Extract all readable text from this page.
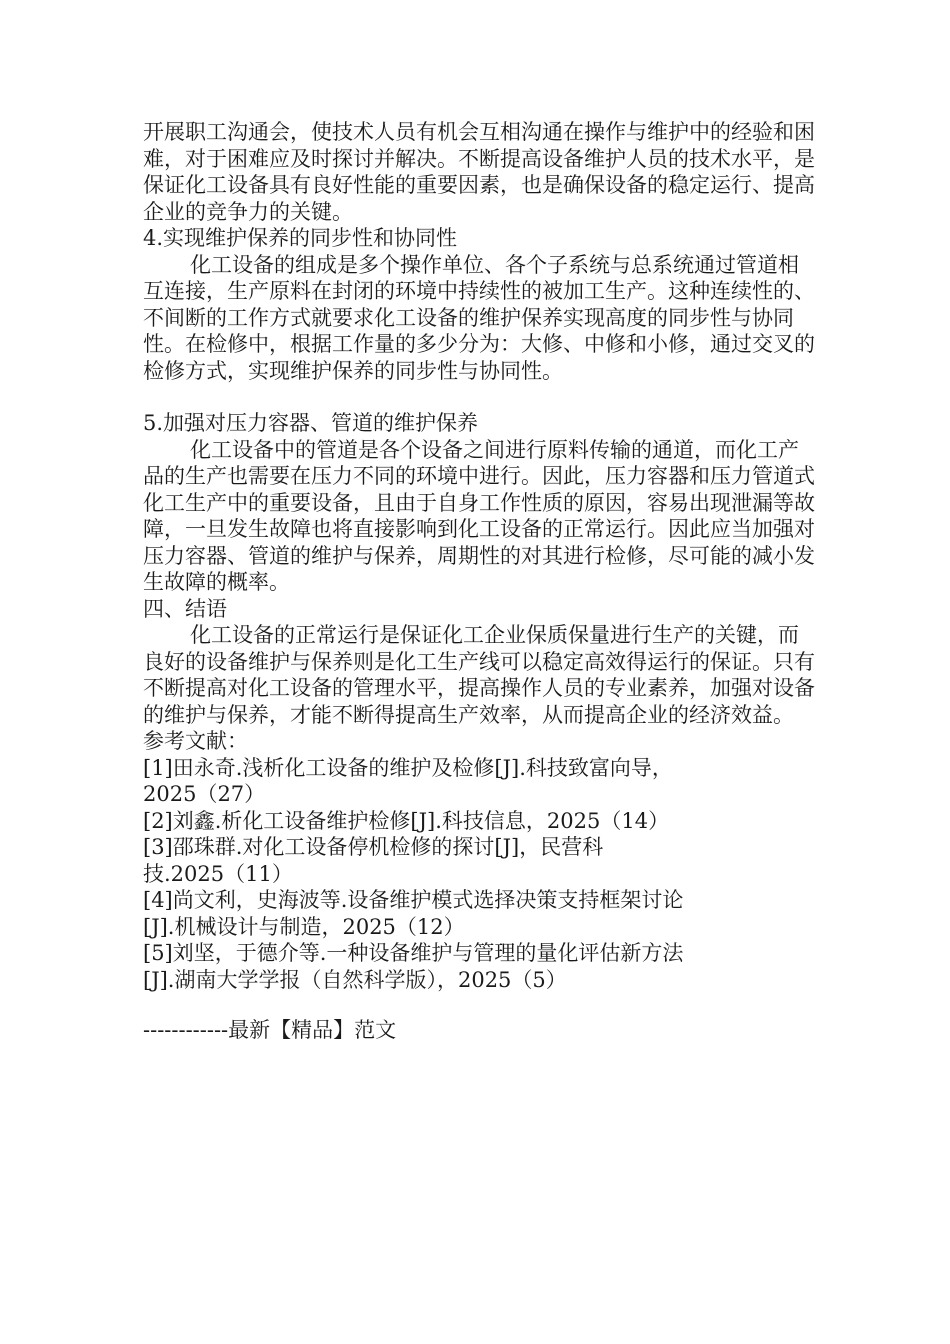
开展职工沟通会，使技术人员有机会互相沟通在操作与维护中的经验和困难，对于困难应及时探讨并解决。不断提高设备维护人员的技术水平，是保证化工设备具有良好性能的重要因素，也是确保设备的稳定运行、提高企业的竞争力的关键。

4.实现维护保养的同步性和协同性

化工设备的组成是多个操作单位、各个子系统与总系统通过管道相互连接，生产原料在封闭的环境中持续性的被加工生产。这种连续性的、不间断的工作方式就要求化工设备的维护保养实现高度的同步性与协同性。在检修中，根据工作量的多少分为：大修、中修和小修，通过交叉的检修方式，实现维护保养的同步性与协同性。

5.加强对压力容器、管道的维护保养

化工设备中的管道是各个设备之间进行原料传输的通道，而化工产品的生产也需要在压力不同的环境中进行。因此，压力容器和压力管道式化工生产中的重要设备，且由于自身工作性质的原因，容易出现泄漏等故障，一旦发生故障也将直接影响到化工设备的正常运行。因此应当加强对压力容器、管道的维护与保养，周期性的对其进行检修，尽可能的减小发生故障的概率。

四、结语

化工设备的正常运行是保证化工企业保质保量进行生产的关键，而良好的设备维护与保养则是化工生产线可以稳定高效得运行的保证。只有不断提高对化工设备的管理水平，提高操作人员的专业素养，加强对设备的维护与保养，才能不断得提高生产效率，从而提高企业的经济效益。

参考文献：

[1]田永奇.浅析化工设备的维护及检修[J].科技致富向导，

2025（27）

[2]刘鑫.析化工设备维护检修[J].科技信息，2025（14）

[3]邵珠群.对化工设备停机检修的探讨[J]，民营科

技.2025（11）

[4]尚文利，史海波等.设备维护模式选择决策支持框架讨论

[J].机械设计与制造，2025（12）

[5]刘坚，于德介等.一种设备维护与管理的量化评估新方法

[J].湖南大学学报（自然科学版），2025（5）

------------最新【精品】范文
